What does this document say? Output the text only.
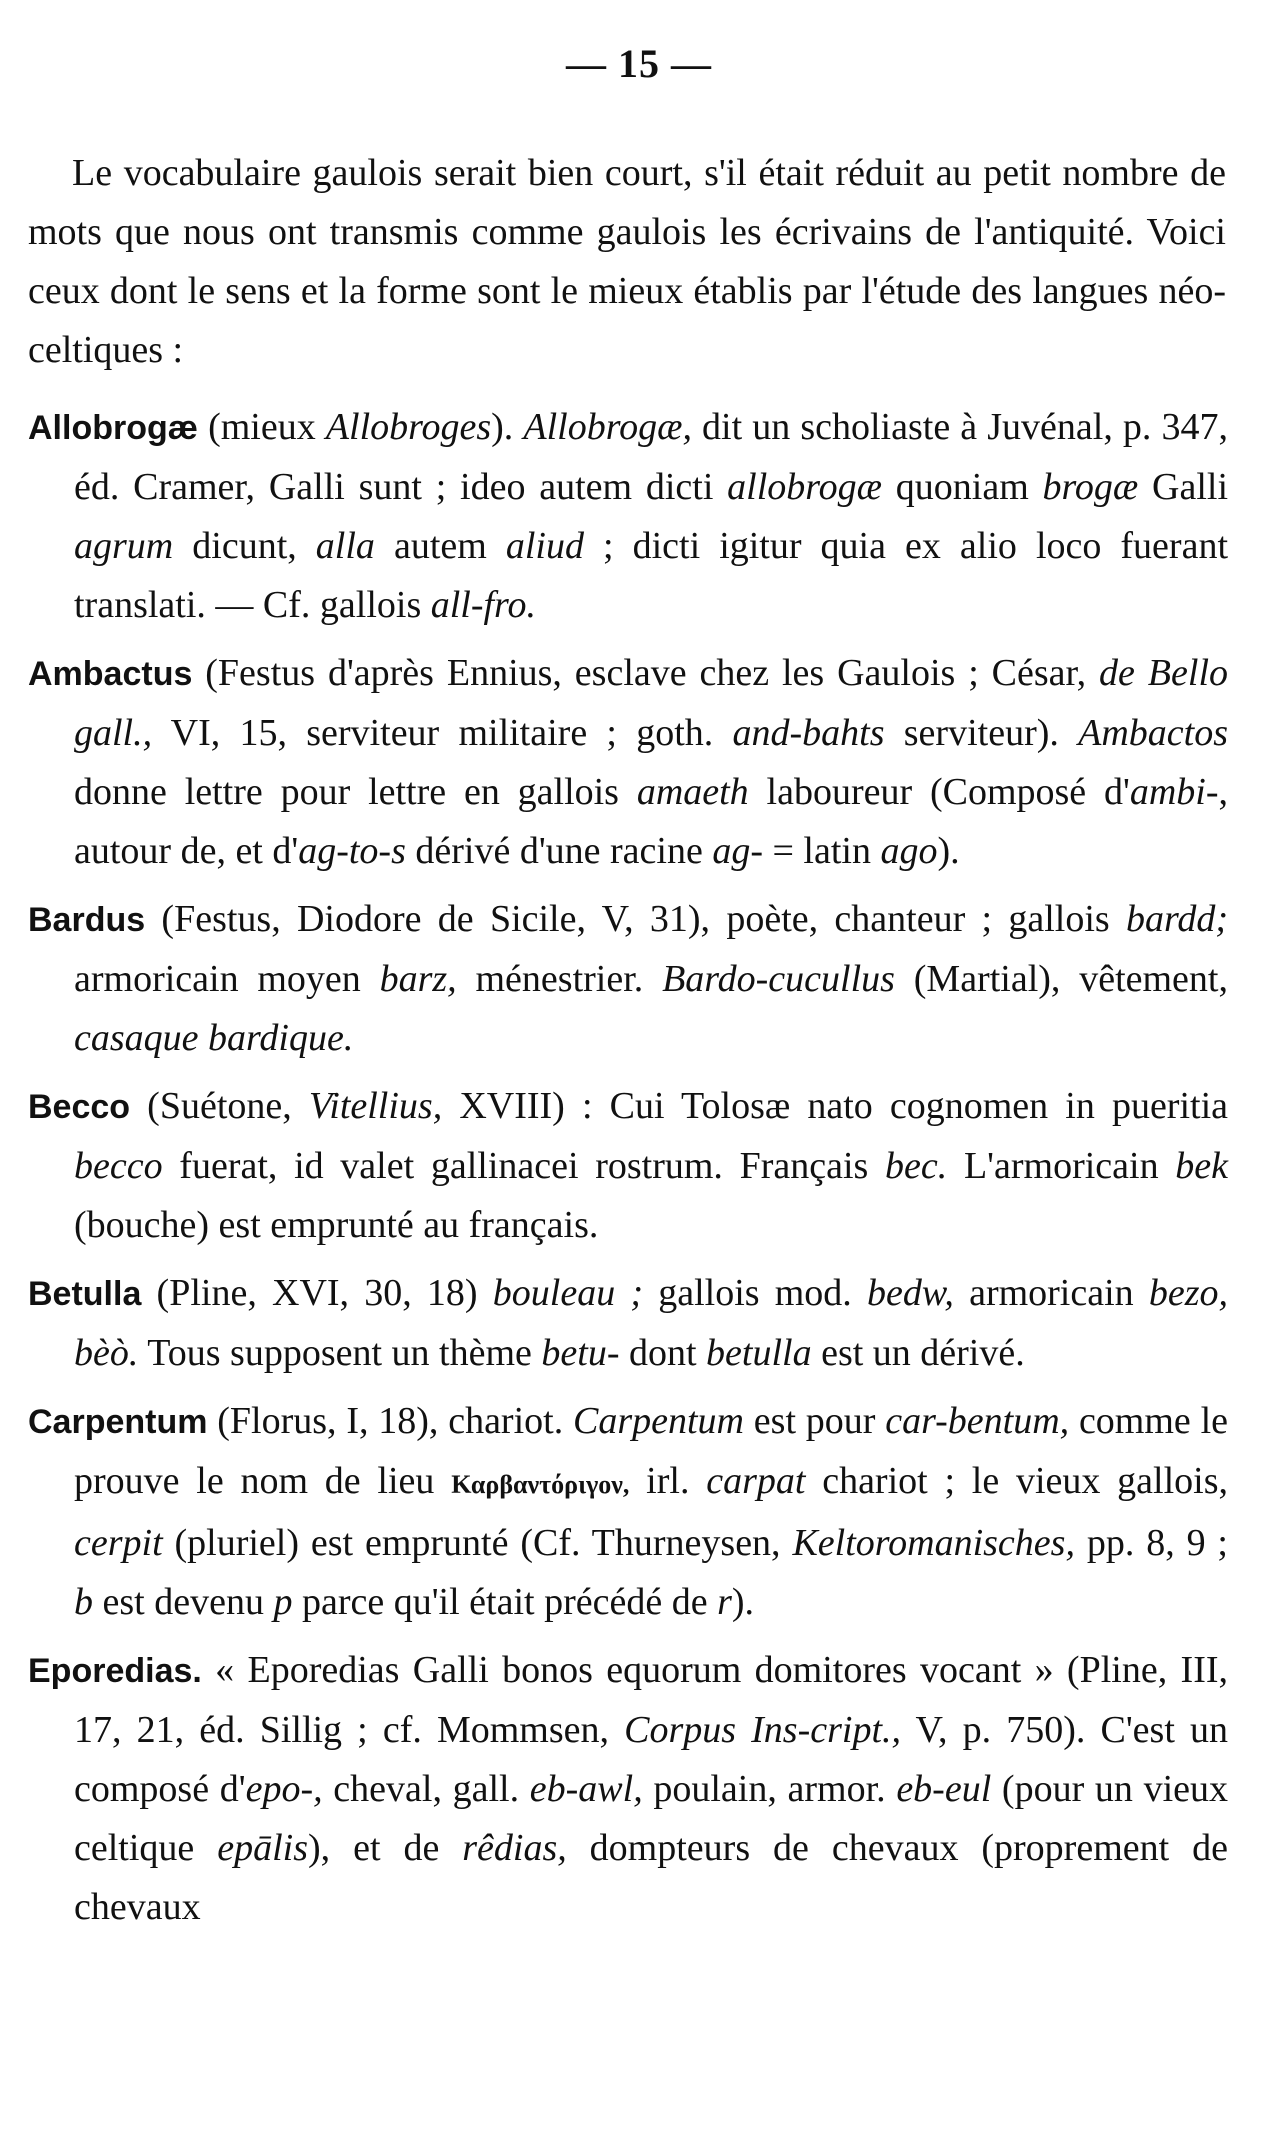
— 15 —

Le vocabulaire gaulois serait bien court, s'il était réduit au petit nombre de mots que nous ont transmis comme gaulois les écrivains de l'antiquité. Voici ceux dont le sens et la forme sont le mieux établis par l'étude des langues néo-celtiques :

Allobrogæ (mieux Allobroges). Allobrogæ, dit un scholiaste à Juvénal, p. 347, éd. Cramer, Galli sunt ; ideo autem dicti allobrogæ quoniam brogæ Galli agrum dicunt, alla autem aliud ; dicti igitur quia ex alio loco fuerant translati. — Cf. gallois all-fro.

Ambactus (Festus d'après Ennius, esclave chez les Gaulois ; César, de Bello gall., VI, 15, serviteur militaire ; goth. and-bahts serviteur). Ambactos donne lettre pour lettre en gallois amaeth laboureur (Composé d'ambi-, autour de, et d'ag-to-s dérivé d'une racine ag- = latin ago).

Bardus (Festus, Diodore de Sicile, V, 31), poète, chanteur ; gallois bardd; armoricain moyen barz, ménestrier. Bardo-cucullus (Martial), vêtement, casaque bardique.

Becco (Suétone, Vitellius, XVIII) : Cui Tolosæ nato cognomen in pueritia becco fuerat, id valet gallinacei rostrum. Français bec. L'armoricain bek (bouche) est emprunté au français.

Betulla (Pline, XVI, 30, 18) bouleau ; gallois mod. bedw, armoricain bezo, bèò. Tous supposent un thème betu- dont betulla est un dérivé.

Carpentum (Florus, I, 18), chariot. Carpentum est pour car-bentum, comme le prouve le nom de lieu Καρβαντόριγον, irl. carpat chariot ; le vieux gallois, cerpit (pluriel) est emprunté (Cf. Thurneysen, Keltoromanisches, pp. 8, 9 ; b est devenu p parce qu'il était précédé de r).

Eporedias. « Eporedias Galli bonos equorum domitores vocant » (Pline, III, 17, 21, éd. Sillig ; cf. Mommsen, Corpus Ins-cript., V, p. 750). C'est un composé d'epo-, cheval, gall. eb-awl, poulain, armor. eb-eul (pour un vieux celtique epālis), et de rêdias, dompteurs de chevaux (proprement de chevaux
